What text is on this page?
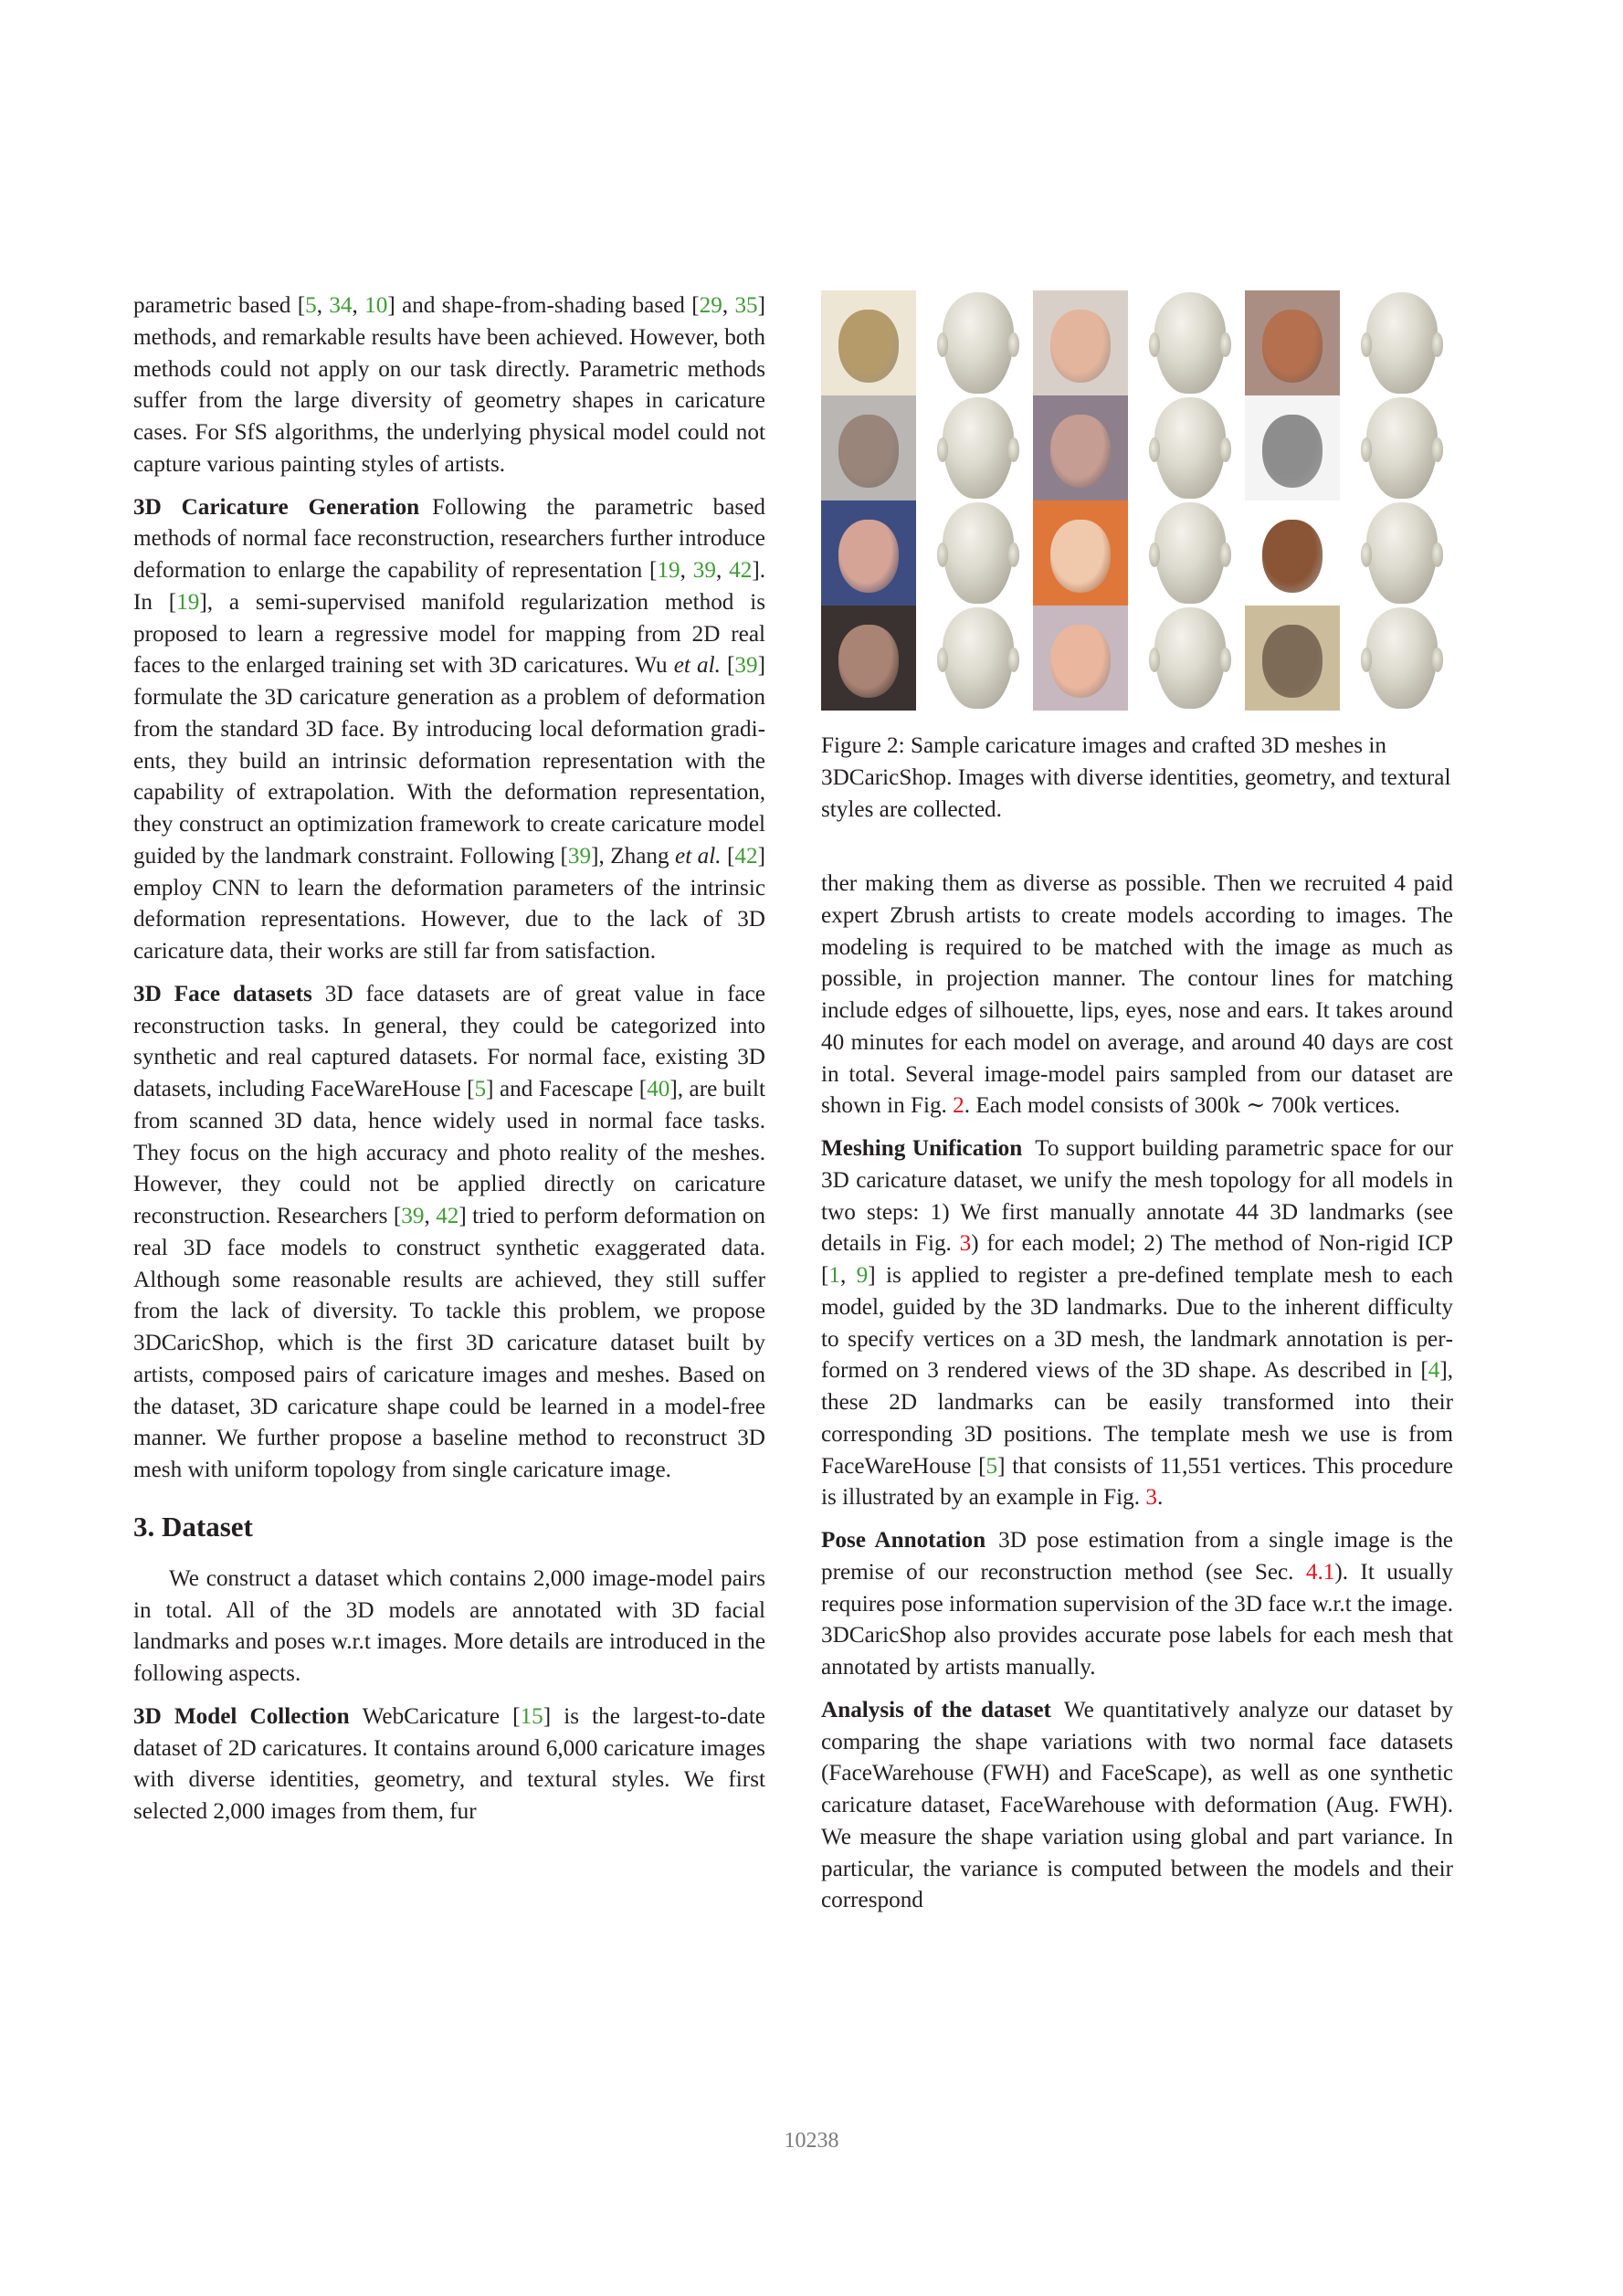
parametric based [5, 34, 10] and shape-from-shading based [29, 35] methods, and remarkable results have been achieved. However, both methods could not apply on our task directly. Parametric methods suffer from the large diversity of geometry shapes in caricature cases. For SfS algorithms, the underlying physical model could not capture various painting styles of artists.

3D Caricature Generation Following the parametric based methods of normal face reconstruction, researchers further introduce deformation to enlarge the capability of representation [19, 39, 42]. In [19], a semi-supervised manifold regularization method is proposed to learn a regressive model for mapping from 2D real faces to the enlarged training set with 3D caricatures. Wu et al. [39] formulate the 3D caricature generation as a problem of deformation from the standard 3D face. By introducing local deformation gradients, they build an intrinsic deformation representation with the capability of extrapolation. With the deformation representation, they construct an optimization framework to create caricature model guided by the landmark constraint. Following [39], Zhang et al. [42] employ CNN to learn the deformation parameters of the intrinsic deformation representations. However, due to the lack of 3D caricature data, their works are still far from satisfaction.

3D Face datasets 3D face datasets are of great value in face reconstruction tasks. In general, they could be categorized into synthetic and real captured datasets. For normal face, existing 3D datasets, including FaceWareHouse [5] and Facescape [40], are built from scanned 3D data, hence widely used in normal face tasks. They focus on the high accuracy and photo reality of the meshes. However, they could not be applied directly on caricature reconstruction. Researchers [39, 42] tried to perform deformation on real 3D face models to construct synthetic exaggerated data. Although some reasonable results are achieved, they still suffer from the lack of diversity. To tackle this problem, we propose 3DCaricShop, which is the first 3D caricature dataset built by artists, composed pairs of caricature images and meshes. Based on the dataset, 3D caricature shape could be learned in a model-free manner. We further propose a baseline method to reconstruct 3D mesh with uniform topology from single caricature image.

3. Dataset

We construct a dataset which contains 2,000 image-model pairs in total. All of the 3D models are annotated with 3D facial landmarks and poses w.r.t images. More details are introduced in the following aspects.

3D Model Collection WebCaricature [15] is the largest-to-date dataset of 2D caricatures. It contains around 6,000 caricature images with diverse identities, geometry, and textural styles. We first selected 2,000 images from them, fur

Figure 2: Sample caricature images and crafted 3D meshes in 3DCaricShop. Images with diverse identities, geometry, and textural styles are collected.

ther making them as diverse as possible. Then we recruited 4 paid expert Zbrush artists to create models according to images. The modeling is required to be matched with the image as much as possible, in projection manner. The contour lines for matching include edges of silhouette, lips, eyes, nose and ears. It takes around 40 minutes for each model on average, and around 40 days are cost in total. Several image-model pairs sampled from our dataset are shown in Fig. 2. Each model consists of 300k ∼ 700k vertices.

Meshing Unification To support building parametric space for our 3D caricature dataset, we unify the mesh topology for all models in two steps: 1) We first manually annotate 44 3D landmarks (see details in Fig. 3) for each model; 2) The method of Non-rigid ICP [1, 9] is applied to register a pre-defined template mesh to each model, guided by the 3D landmarks. Due to the inherent difficulty to specify vertices on a 3D mesh, the landmark annotation is performed on 3 rendered views of the 3D shape. As described in [4], these 2D landmarks can be easily transformed into their corresponding 3D positions. The template mesh we use is from FaceWareHouse [5] that consists of 11,551 vertices. This procedure is illustrated by an example in Fig. 3.

Pose Annotation 3D pose estimation from a single image is the premise of our reconstruction method (see Sec. 4.1). It usually requires pose information supervision of the 3D face w.r.t the image. 3DCaricShop also provides accurate pose labels for each mesh that annotated by artists manually.

Analysis of the dataset We quantitatively analyze our dataset by comparing the shape variations with two normal face datasets (FaceWarehouse (FWH) and FaceScape), as well as one synthetic caricature dataset, FaceWarehouse with deformation (Aug. FWH). We measure the shape variation using global and part variance. In particular, the variance is computed between the models and their correspond

10238
